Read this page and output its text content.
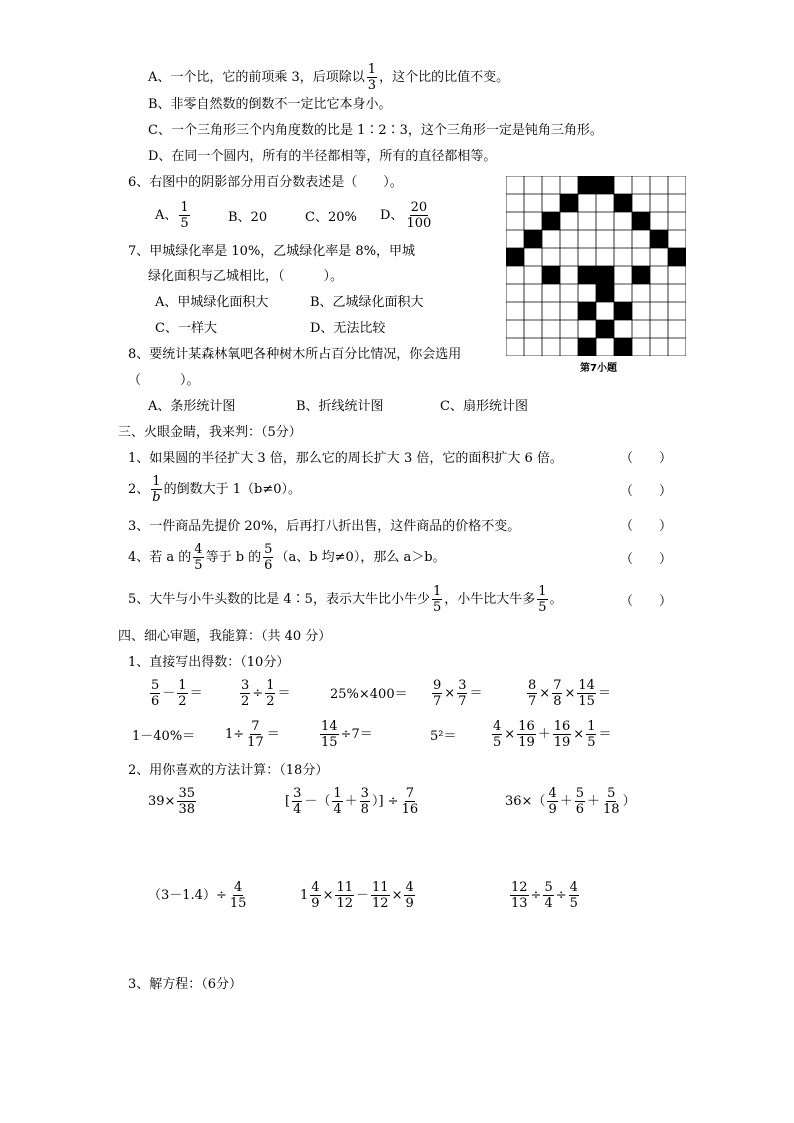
A、一个比，它的前项乘 3，后项除以 $\frac{1}{3}$ ，这个比的比值不变。
B、非零自然数的倒数不一定比它本身小。
C、一个三角形三个内角度数的比是 1∶2∶3，这个三角形一定是钝角三角形。
D、在同一个圆内，所有的半径都相等，所有的直径都相等。
6、右图中的阴影部分用百分数表述是（　　）。
A、 $\frac{1}{5}$	B、20	C、20% D、 $\frac{20}{100}$
7、甲城绿化率是 10%，乙城绿化率是 8%，甲城
绿化面积与乙城相比，（　　　）。
A、甲城绿化面积大	B、乙城绿化面积大
C、一样大	D、无法比较
第7小题
8、要统计某森林氧吧各种树木所占百分比情况，你会选用
（　　　）。
A、条形统计图	B、折线统计图	C、扇形统计图
三、火眼金睛，我来判：（5分）
1、如果圆的半径扩大 3 倍，那么它的周长扩大 3 倍，它的面积扩大 6 倍。	（　　）
2、 $\frac{1}{b}$ 的倒数大于 1（b≠0）。	（　　）
3、一件商品先提价 20%，后再打八折出售，这件商品的价格不变。	（　　）
4、若 a 的 $\frac{4}{5}$ 等于 b 的 $\frac{5}{6} (a$、b 均≠0），那么 a＞b。	（　　）
5、大牛与小牛头数的比是 4∶5，表示大牛比小牛少 $\frac{1}{5}$ ，小牛比大牛多 $\frac{1}{5}$ 。	（　　）
四、细心审题，我能算：（共 40 分）
1、直接写出得数：（10分）
$\frac{5}{6} - \frac{1}{2}$ ＝	$\frac{3}{2} \div \frac{1}{2}$ ＝	$25\%\times 400= \frac{9}{7} \times \frac{3}{7}$ ＝	$\frac{8}{7} \times \frac{7}{8} \times \frac{14}{15}$ ＝
$1-40\%= 1\div \frac{7}{17}$ ＝	$\frac{14}{15} \div 7=$	5²＝	$\frac{4}{5} \times \frac{16}{19} + \frac{16}{19} \times \frac{1}{5}$ ＝
2、用你喜欢的方法计算：（18分）
$39\times \frac{35}{38}$	[ $\frac{3}{4}$ －（ $\frac{1}{4} + \frac{3}{8}$ ）] ÷ $\frac{7}{16}$	$36\times( \frac{4}{9} + \frac{5}{6} + \frac{5}{18}$ ）
$(3-1.4)\div \frac{4}{15}$	$1 \frac{4}{9} \times \frac{11}{12} - \frac{11}{12} \times \frac{4}{9}$	$\frac{12}{13} \div \frac{5}{4} \div \frac{4}{5}$
3、解方程：（6分）
